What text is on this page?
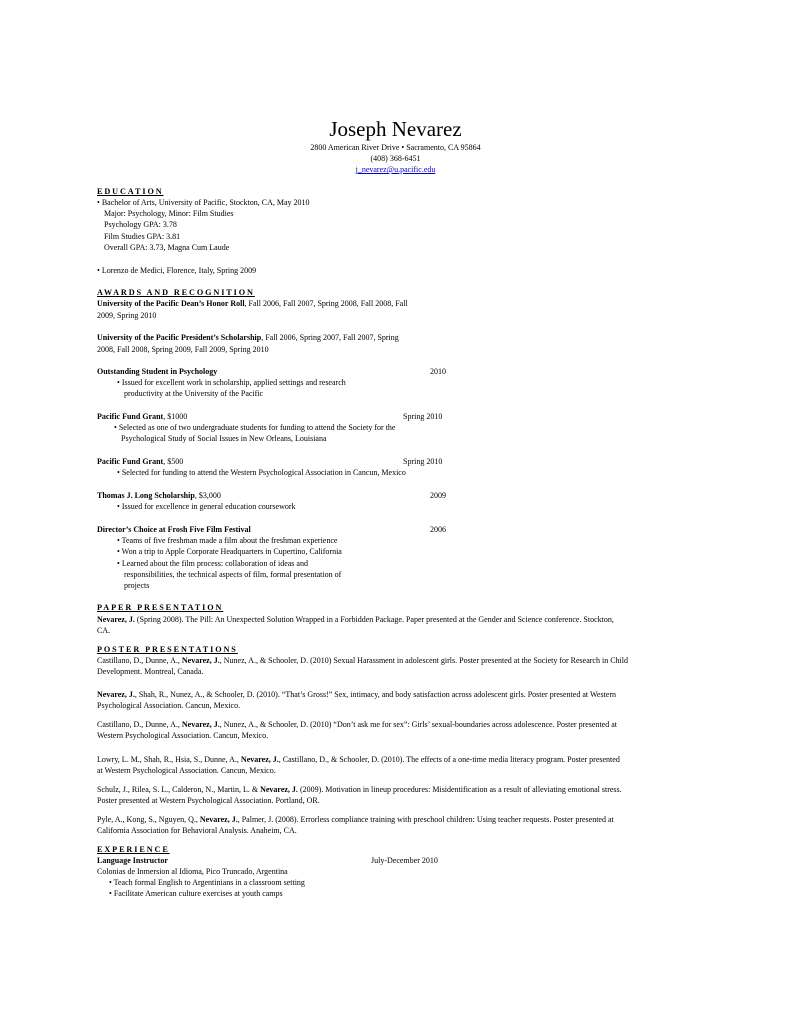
Joseph Nevarez
2800 American River Drive • Sacramento, CA 95864
(408) 368-6451
j_nevarez@u.pacific.edu
EDUCATION
• Bachelor of Arts, University of Pacific, Stockton, CA, May 2010
Major: Psychology, Minor: Film Studies
Psychology GPA: 3.78
Film Studies GPA: 3.81
Overall GPA: 3.73, Magna Cum Laude
• Lorenzo de Medici, Florence, Italy, Spring 2009
AWARDS AND RECOGNITION
University of the Pacific Dean’s Honor Roll, Fall 2006, Fall 2007, Spring 2008, Fall 2008, Fall
2009, Spring 2010
University of the Pacific President’s Scholarship, Fall 2006, Spring 2007, Fall 2007, Spring
2008, Fall 2008, Spring 2009, Fall 2009, Spring 2010
Outstanding Student in Psychology	2010
• Issued for excellent work in scholarship, applied settings and research
productivity at the University of the Pacific
Pacific Fund Grant, $1000	Spring 2010
• Selected as one of two undergraduate students for funding to attend the Society for the
Psychological Study of Social Issues in New Orleans, Louisiana
Pacific Fund Grant, $500	Spring 2010
• Selected for funding to attend the Western Psychological Association in Cancun, Mexico
Thomas J. Long Scholarship, $3,000	2009
• Issued for excellence in general education coursework
Director’s Choice at Frosh Five Film Festival	2006
• Teams of five freshman made a film about the freshman experience
• Won a trip to Apple Corporate Headquarters in Cupertino, California
• Learned about the film process: collaboration of ideas and
responsibilities, the technical aspects of film, formal presentation of
projects
PAPER PRESENTATION
Nevarez, J. (Spring 2008). The Pill: An Unexpected Solution Wrapped in a Forbidden Package. Paper presented at the Gender and Science conference. Stockton,
CA.
POSTER PRESENTATIONS
Castillano, D., Dunne, A., Nevarez, J., Nunez, A., & Schooler, D. (2010) Sexual Harassment in adolescent girls. Poster presented at the Society for Research in Child
Development. Montreal, Canada.
Nevarez, J., Shah, R., Nunez, A., & Schooler, D. (2010). “That’s Gross!” Sex, intimacy, and body satisfaction across adolescent girls. Poster presented at Western
Psychological Association. Cancun, Mexico.
Castillano, D., Dunne, A., Nevarez, J., Nunez, A., & Schooler, D. (2010) “Don’t ask me for sex”: Girls’ sexual-boundaries across adolescence. Poster presented at
Western Psychological Association. Cancun, Mexico.
Lowry, L. M., Shah, R., Hsia, S., Dunne, A., Nevarez, J., Castillano, D., & Schooler, D. (2010). The effects of a one-time media literacy program. Poster presented
at Western Psychological Association. Cancun, Mexico.
Schulz, J., Rilea, S. L., Calderon, N., Martin, L. & Nevarez, J. (2009). Motivation in lineup procedures: Misidentification as a result of alleviating emotional stress.
Poster presented at Western Psychological Association. Portland, OR.
Pyle, A., Kong, S., Nguyen, Q., Nevarez, J., Palmer, J. (2008). Errorless compliance training with preschool children: Using teacher requests. Poster presented at
California Association for Behavioral Analysis. Anaheim, CA.
EXPERIENCE
Language Instructor	July-December 2010
Colonias de Inmersion al Idioma, Pico Truncado, Argentina
• Teach formal English to Argentinians in a classroom setting
• Facilitate American culture exercises at youth camps
